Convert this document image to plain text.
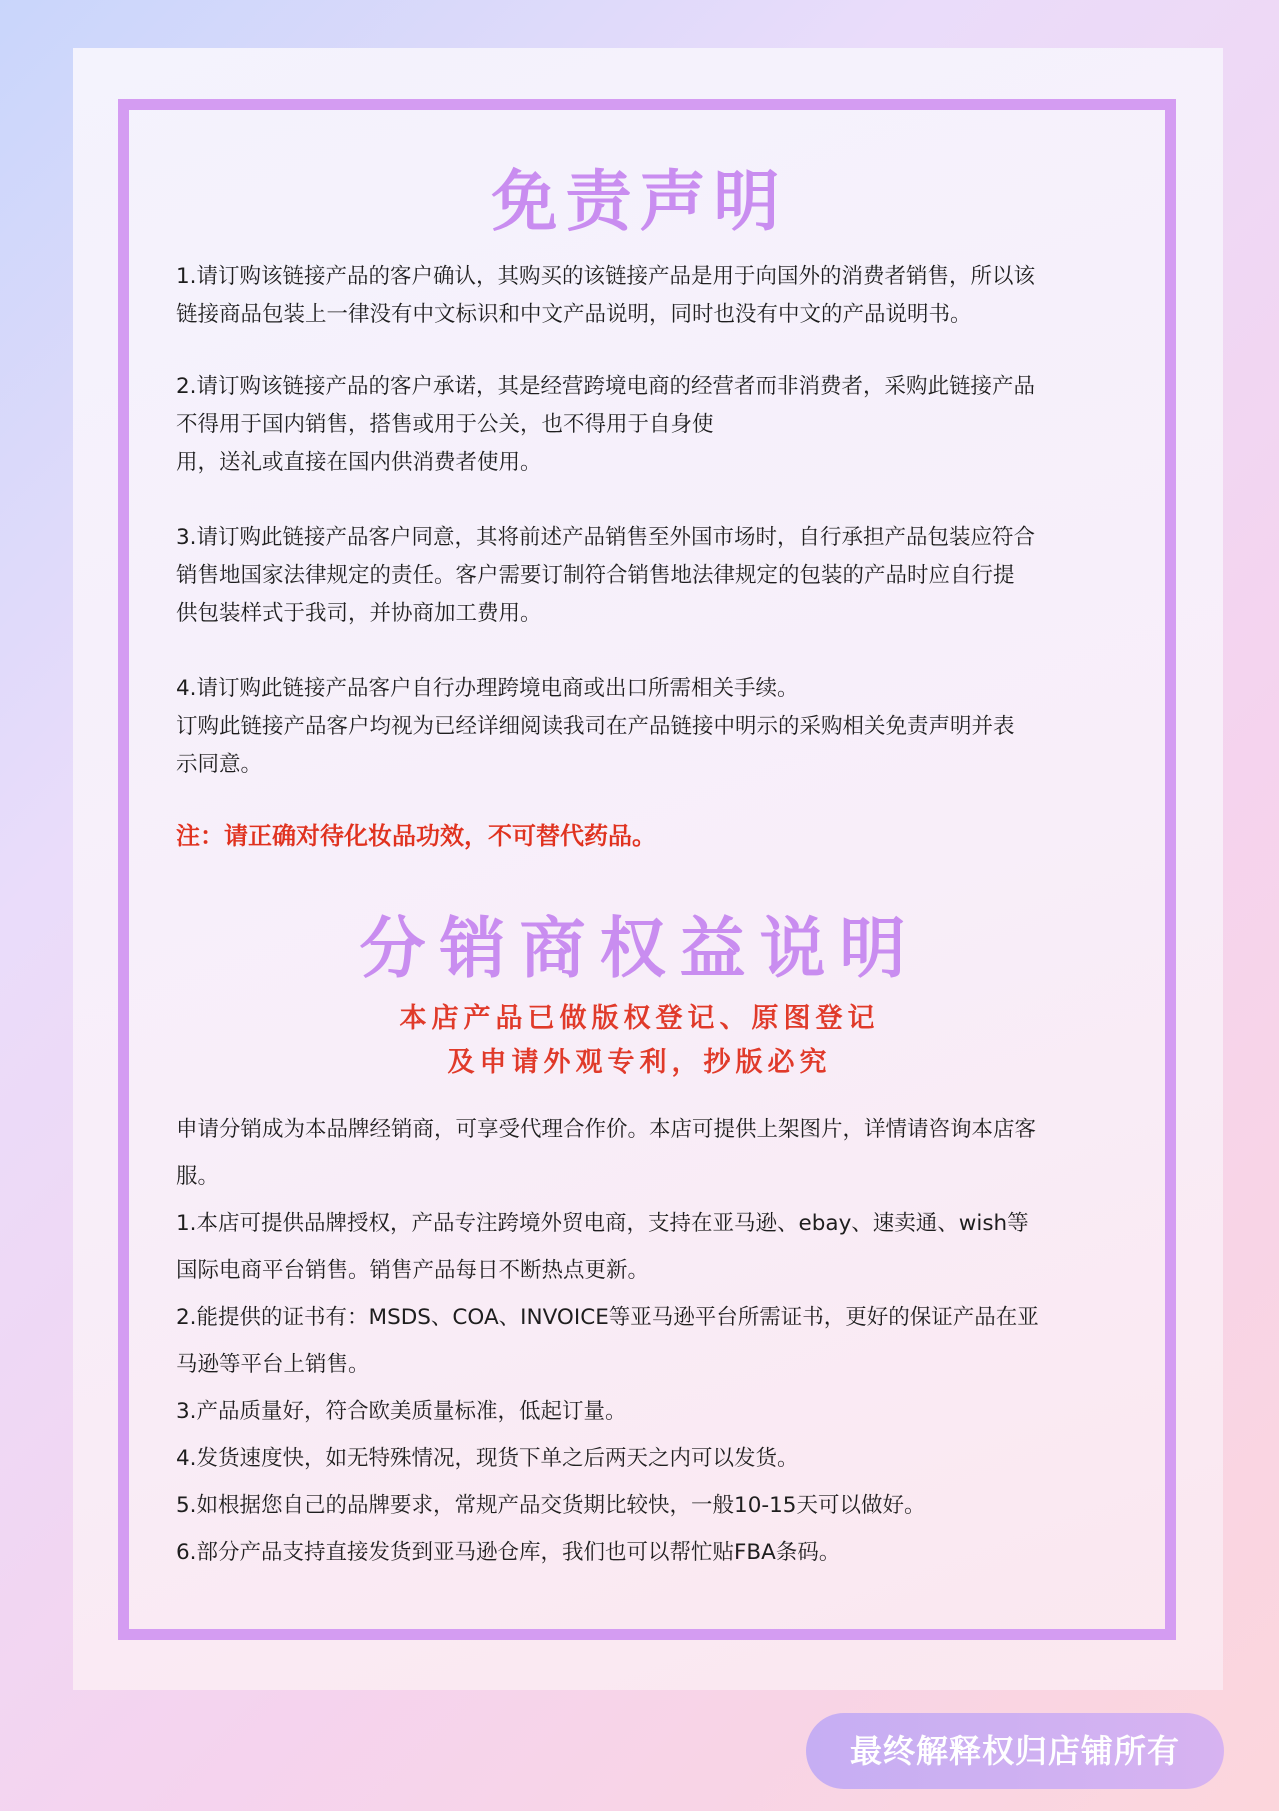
免责声明
1.请订购该链接产品的客户确认，其购买的该链接产品是用于向国外的消费者销售，所以该
链接商品包装上一律没有中文标识和中文产品说明，同时也没有中文的产品说明书。
2.请订购该链接产品的客户承诺，其是经营跨境电商的经营者而非消费者，采购此链接产品
不得用于国内销售，搭售或用于公关，也不得用于自身使
用，送礼或直接在国内供消费者使用。
3.请订购此链接产品客户同意，其将前述产品销售至外国市场时，自行承担产品包装应符合
销售地国家法律规定的责任。客户需要订制符合销售地法律规定的包装的产品时应自行提
供包装样式于我司，并协商加工费用。
4.请订购此链接产品客户自行办理跨境电商或出口所需相关手续。
订购此链接产品客户均视为已经详细阅读我司在产品链接中明示的采购相关免责声明并表
示同意。
注：请正确对待化妆品功效，不可替代药品。
分销商权益说明
本店产品已做版权登记、原图登记
及申请外观专利，抄版必究
申请分销成为本品牌经销商，可享受代理合作价。本店可提供上架图片，详情请咨询本店客
服。
1.本店可提供品牌授权，产品专注跨境外贸电商，支持在亚马逊、ebay、速卖通、wish等
国际电商平台销售。销售产品每日不断热点更新。
2.能提供的证书有：MSDS、COA、INVOICE等亚马逊平台所需证书，更好的保证产品在亚
马逊等平台上销售。
3.产品质量好，符合欧美质量标准，低起订量。
4.发货速度快，如无特殊情况，现货下单之后两天之内可以发货。
5.如根据您自己的品牌要求，常规产品交货期比较快，一般10-15天可以做好。
6.部分产品支持直接发货到亚马逊仓库，我们也可以帮忙贴FBA条码。
最终解释权归店铺所有
